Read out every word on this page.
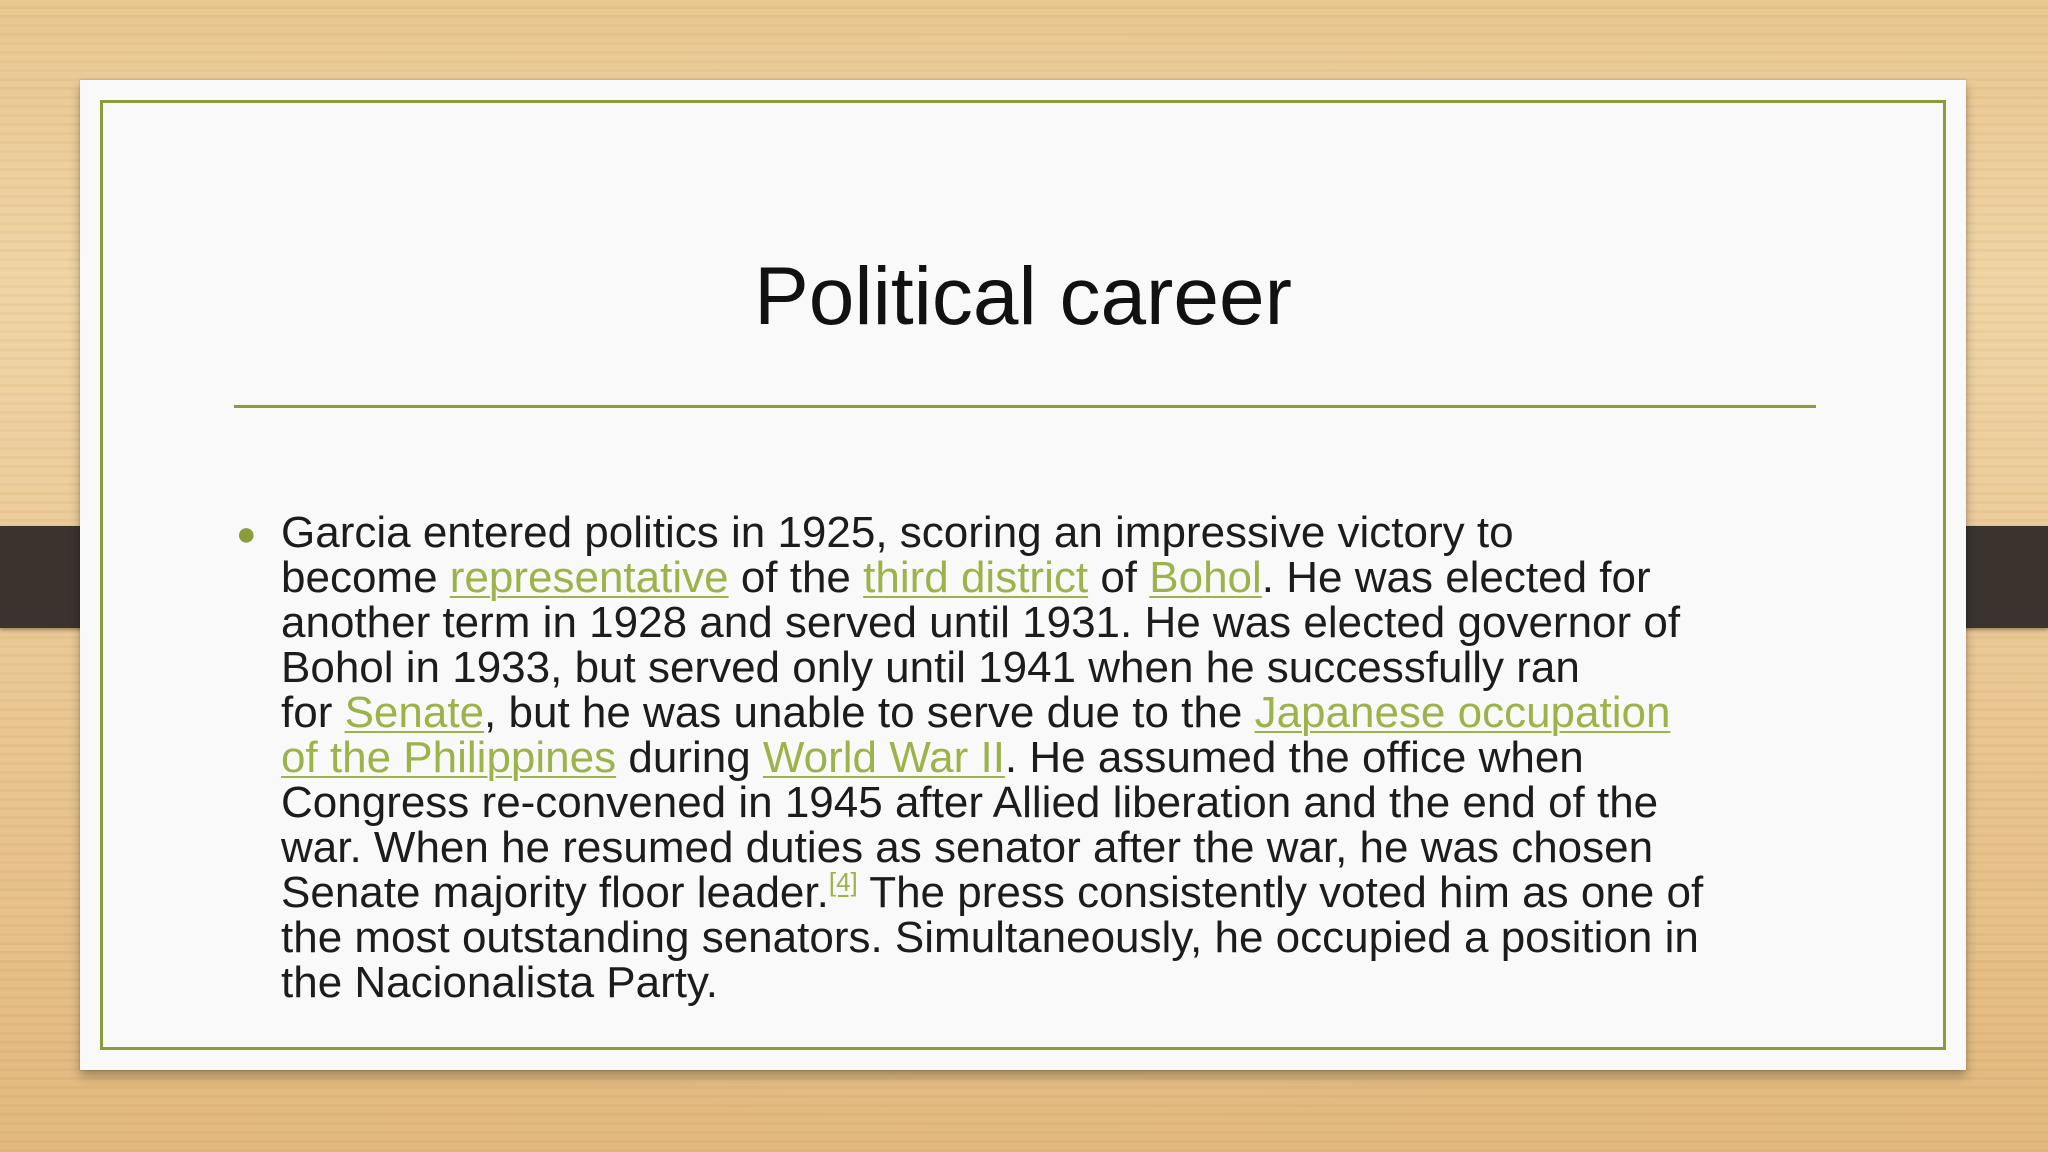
Political career
● Garcia entered politics in 1925, scoring an impressive victory to
become representative of the third district of Bohol. He was elected for
another term in 1928 and served until 1931. He was elected governor of
Bohol in 1933, but served only until 1941 when he successfully ran
for Senate, but he was unable to serve due to the Japanese occupation
of the Philippines during World War II. He assumed the office when
Congress re-convened in 1945 after Allied liberation and the end of the
war. When he resumed duties as senator after the war, he was chosen
Senate majority floor leader.[4] The press consistently voted him as one of
the most outstanding senators. Simultaneously, he occupied a position in
the Nacionalista Party.
